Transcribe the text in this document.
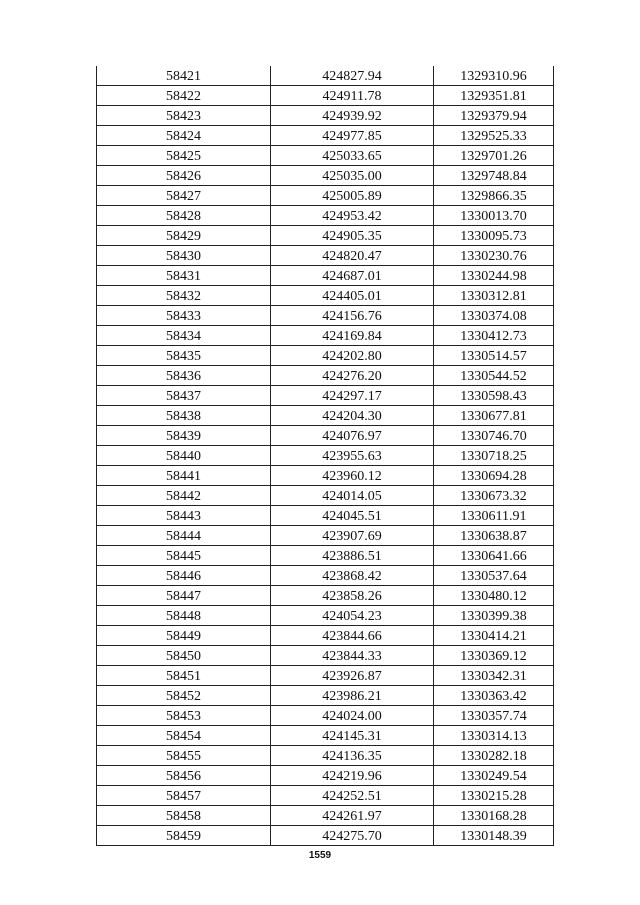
58421	424827.94	1329310.96
58422	424911.78	1329351.81
58423	424939.92	1329379.94
58424	424977.85	1329525.33
58425	425033.65	1329701.26
58426	425035.00	1329748.84
58427	425005.89	1329866.35
58428	424953.42	1330013.70
58429	424905.35	1330095.73
58430	424820.47	1330230.76
58431	424687.01	1330244.98
58432	424405.01	1330312.81
58433	424156.76	1330374.08
58434	424169.84	1330412.73
58435	424202.80	1330514.57
58436	424276.20	1330544.52
58437	424297.17	1330598.43
58438	424204.30	1330677.81
58439	424076.97	1330746.70
58440	423955.63	1330718.25
58441	423960.12	1330694.28
58442	424014.05	1330673.32
58443	424045.51	1330611.91
58444	423907.69	1330638.87
58445	423886.51	1330641.66
58446	423868.42	1330537.64
58447	423858.26	1330480.12
58448	424054.23	1330399.38
58449	423844.66	1330414.21
58450	423844.33	1330369.12
58451	423926.87	1330342.31
58452	423986.21	1330363.42
58453	424024.00	1330357.74
58454	424145.31	1330314.13
58455	424136.35	1330282.18
58456	424219.96	1330249.54
58457	424252.51	1330215.28
58458	424261.97	1330168.28
58459	424275.70	1330148.39
1559
